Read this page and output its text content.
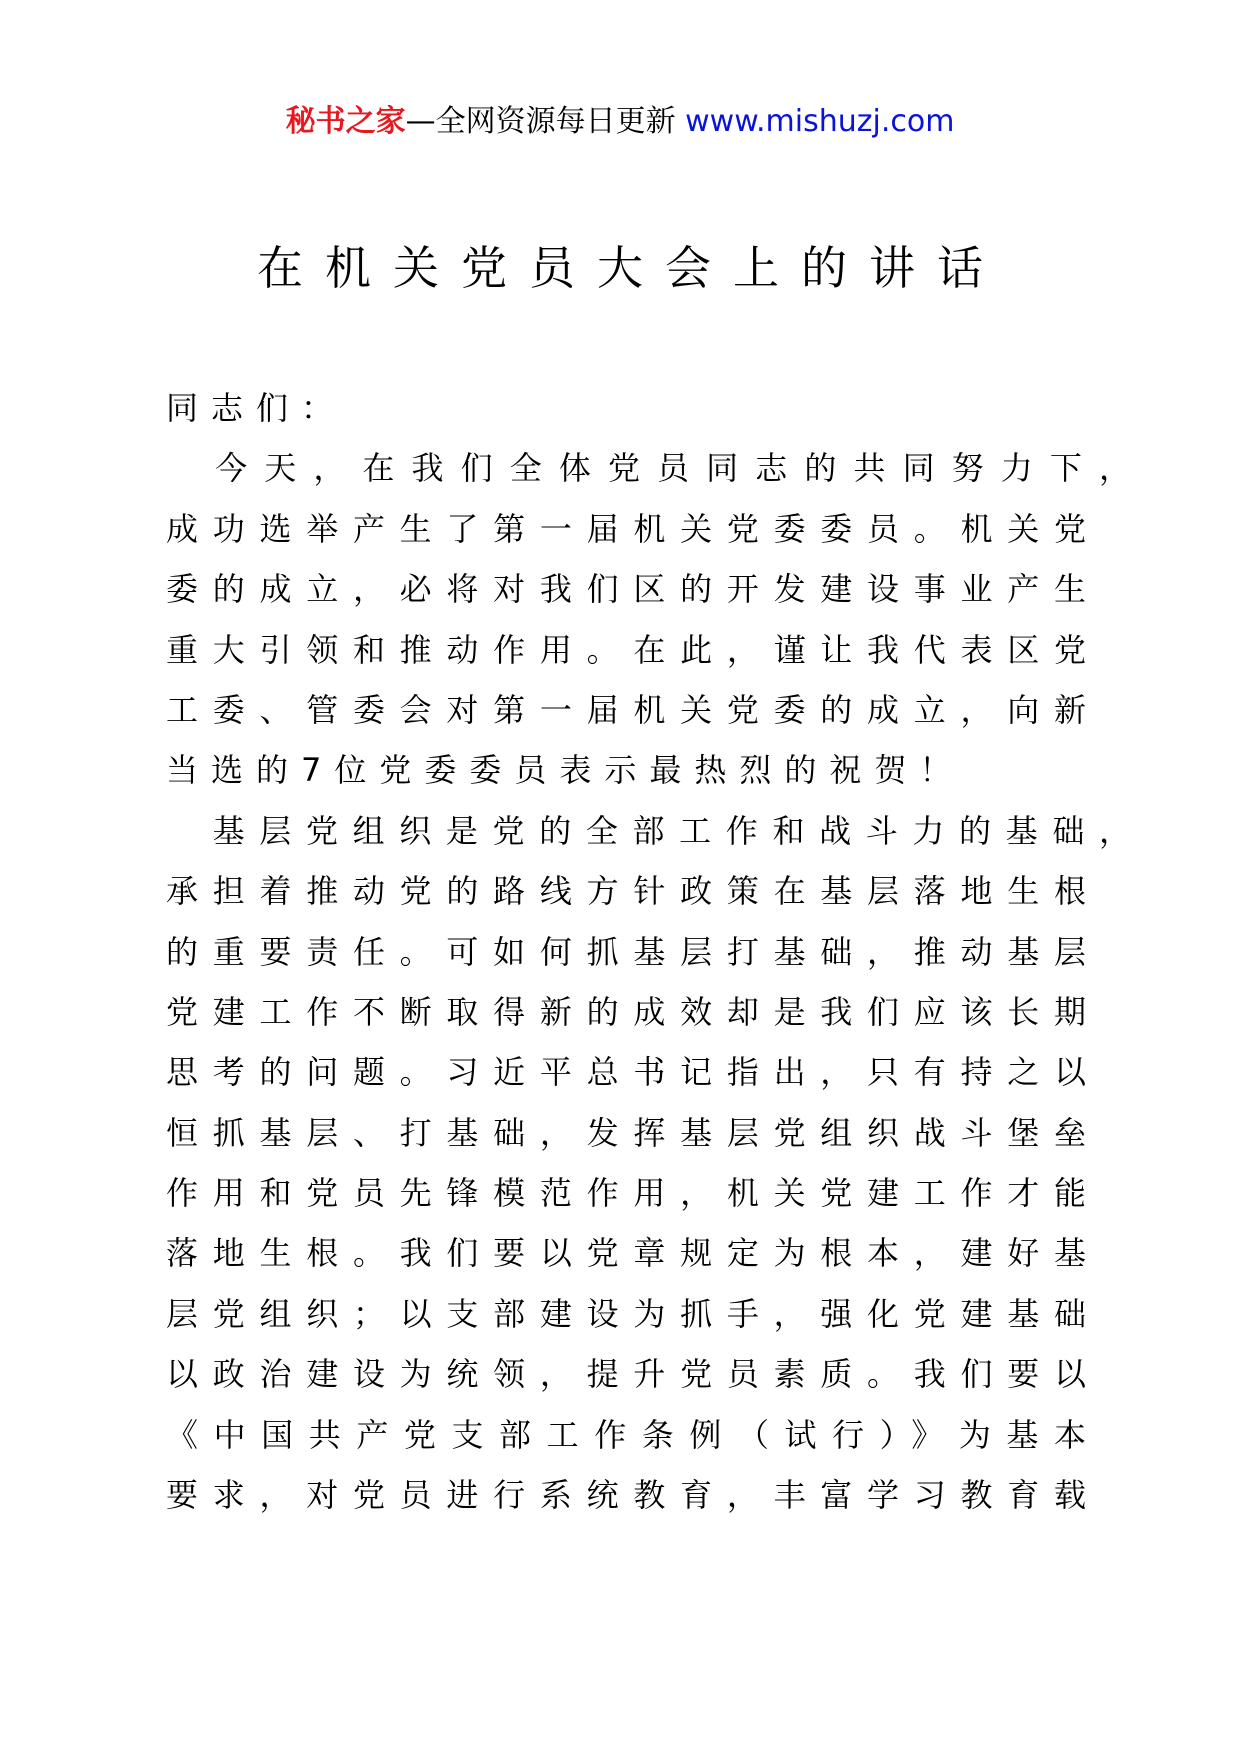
秘书之家—全网资源每日更新 www.mishuzj.com
在机关党员大会上的讲话
同志们：
　今天，在我们全体党员同志的共同努力下，
成功选举产生了第一届机关党委委员。机关党
委的成立，必将对我们区的开发建设事业产生
重大引领和推动作用。在此，谨让我代表区党
工委、管委会对第一届机关党委的成立，向新
当选的7位党委委员表示最热烈的祝贺！
　基层党组织是党的全部工作和战斗力的基础，
承担着推动党的路线方针政策在基层落地生根
的重要责任。可如何抓基层打基础，推动基层
党建工作不断取得新的成效却是我们应该长期
思考的问题。习近平总书记指出，只有持之以
恒抓基层、打基础，发挥基层党组织战斗堡垒
作用和党员先锋模范作用，机关党建工作才能
落地生根。我们要以党章规定为根本，建好基
层党组织；以支部建设为抓手，强化党建基础
以政治建设为统领，提升党员素质。我们要以
《中国共产党支部工作条例（试行）》为基本
要求，对党员进行系统教育，丰富学习教育载
